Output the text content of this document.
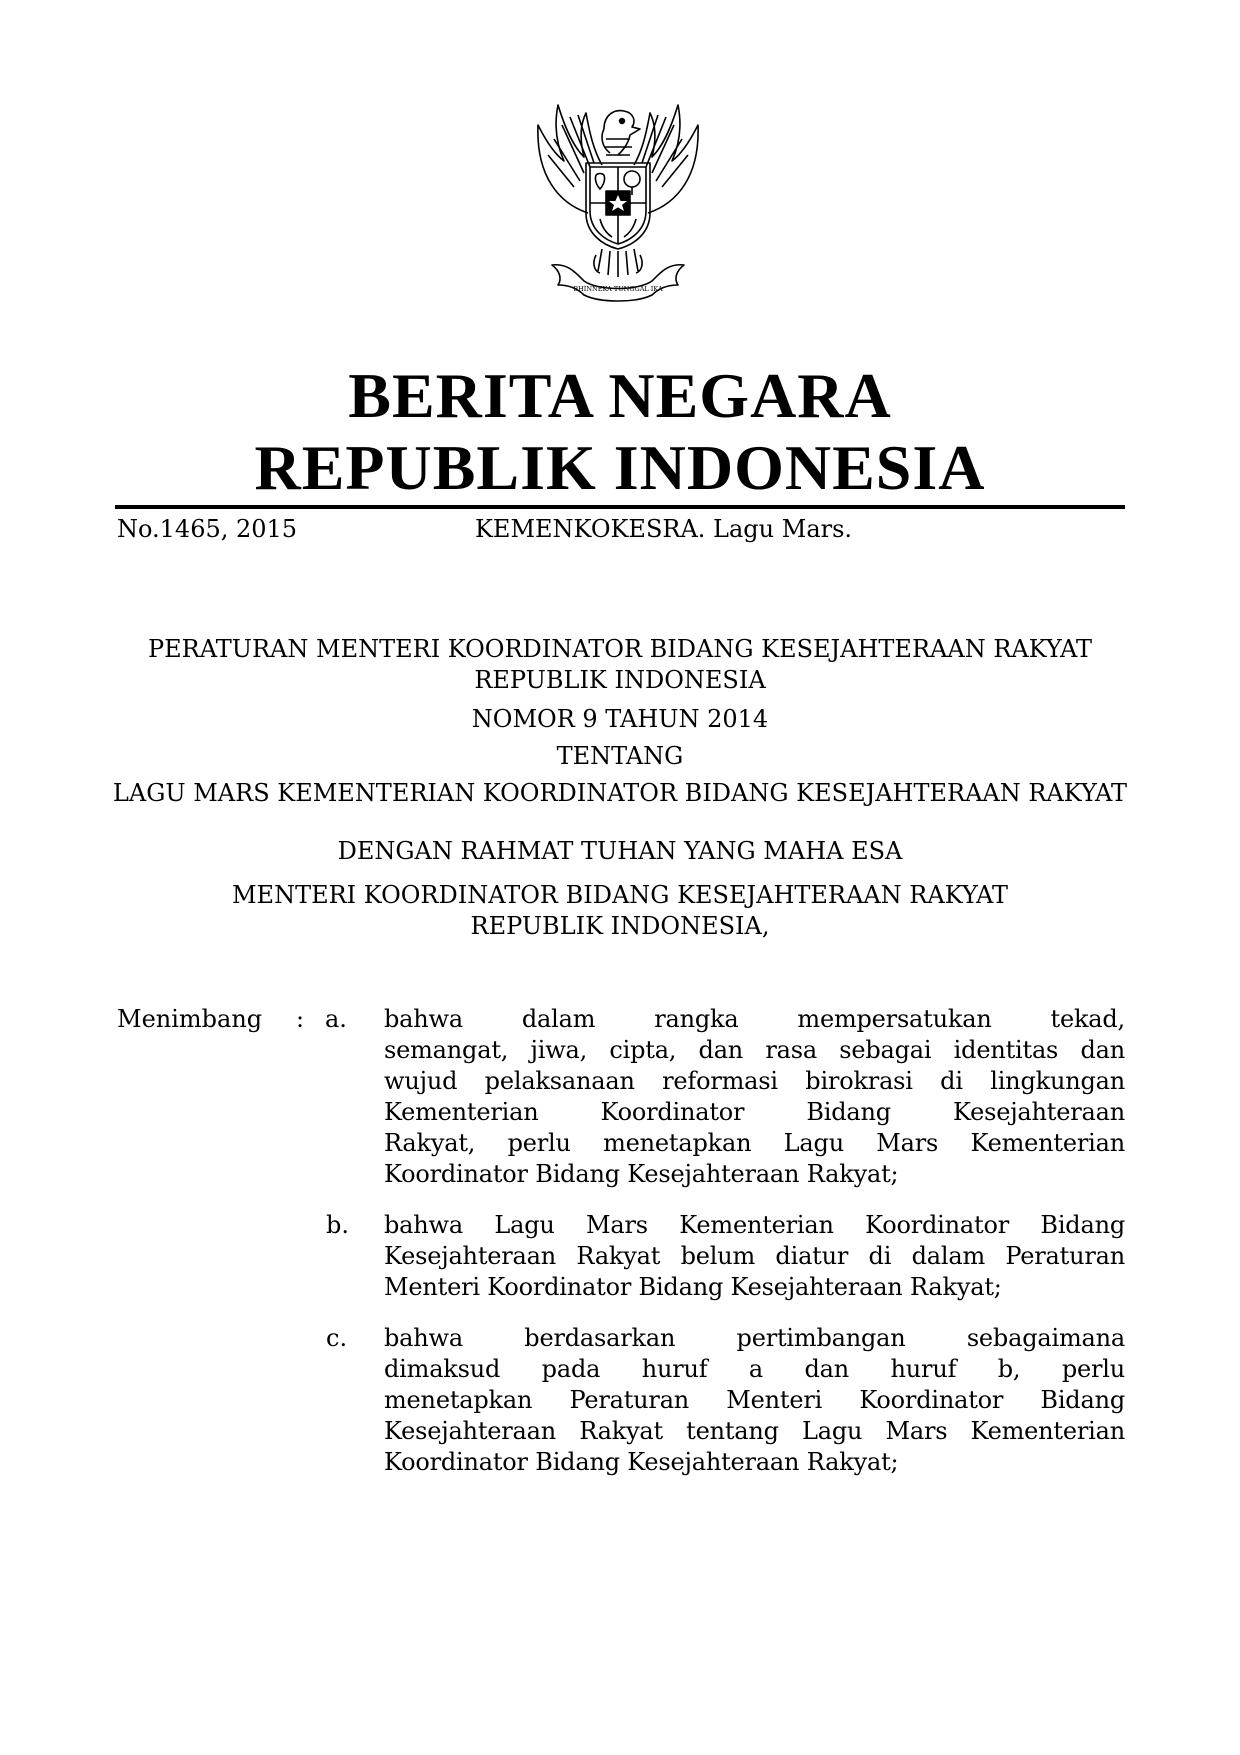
BHINNEKA TUNGGAL IKA
BERITA NEGARA
REPUBLIK INDONESIA
No.1465, 2015	KEMENKOKESRA. Lagu Mars.
PERATURAN MENTERI KOORDINATOR BIDANG KESEJAHTERAAN RAKYAT
REPUBLIK INDONESIA
NOMOR 9 TAHUN 2014
TENTANG
LAGU MARS KEMENTERIAN KOORDINATOR BIDANG KESEJAHTERAAN RAKYAT
DENGAN RAHMAT TUHAN YANG MAHA ESA
MENTERI KOORDINATOR BIDANG KESEJAHTERAAN RAKYAT
REPUBLIK INDONESIA,
Menimbang : a. bahwa dalam rangka mempersatukan tekad,
semangat, jiwa, cipta, dan rasa sebagai identitas dan
wujud pelaksanaan reformasi birokrasi di lingkungan
Kementerian Koordinator Bidang Kesejahteraan
Rakyat, perlu menetapkan Lagu Mars Kementerian
Koordinator Bidang Kesejahteraan Rakyat;
b. bahwa Lagu Mars Kementerian Koordinator Bidang
Kesejahteraan Rakyat belum diatur di dalam Peraturan
Menteri Koordinator Bidang Kesejahteraan Rakyat;
c. bahwa berdasarkan pertimbangan sebagaimana
dimaksud pada huruf a dan huruf b, perlu
menetapkan Peraturan Menteri Koordinator Bidang
Kesejahteraan Rakyat tentang Lagu Mars Kementerian
Koordinator Bidang Kesejahteraan Rakyat;
